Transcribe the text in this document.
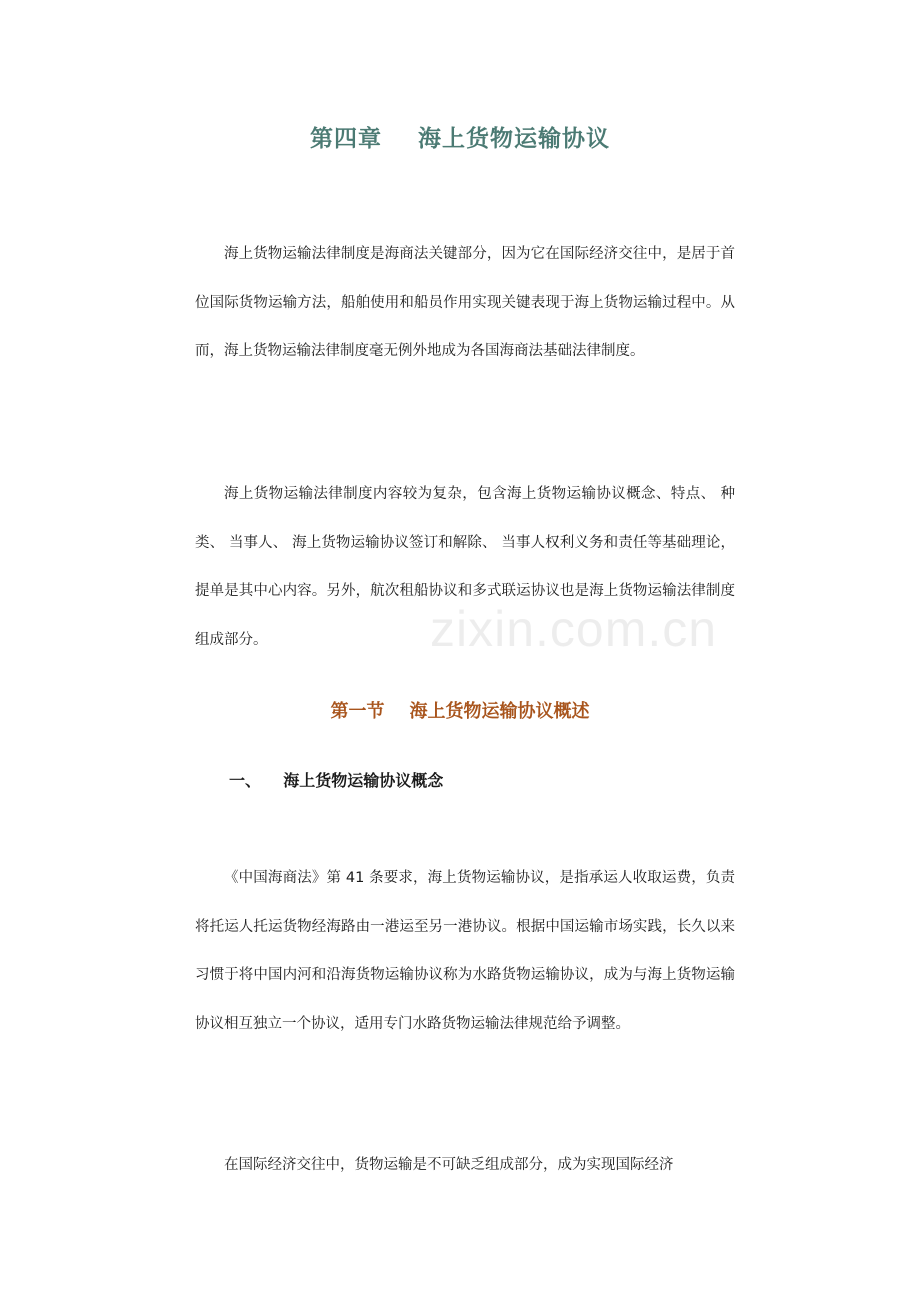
第四章    海上货物运输协议

海上货物运输法律制度是海商法关键部分，因为它在国际经济交往中，是居于首位国际货物运输方法，船舶使用和船员作用实现关键表现于海上货物运输过程中。从而，海上货物运输法律制度毫无例外地成为各国海商法基础法律制度。

海上货物运输法律制度内容较为复杂，包含海上货物运输协议概念、特点、 种类、 当事人、 海上货物运输协议签订和解除、 当事人权利义务和责任等基础理论，提单是其中心内容。另外，航次租船协议和多式联运协议也是海上货物运输法律制度组成部分。	zixin.com.cn
第一节    海上货物运输协议概述
一、    海上货物运输协议概念

《中国海商法》第 41 条要求，海上货物运输协议，是指承运人收取运费，负责将托运人托运货物经海路由一港运至另一港协议。根据中国运输市场实践，长久以来习惯于将中国内河和沿海货物运输协议称为水路货物运输协议，成为与海上货物运输协议相互独立一个协议，适用专门水路货物运输法律规范给予调整。

在国际经济交往中，货物运输是不可缺乏组成部分，成为实现国际经济
